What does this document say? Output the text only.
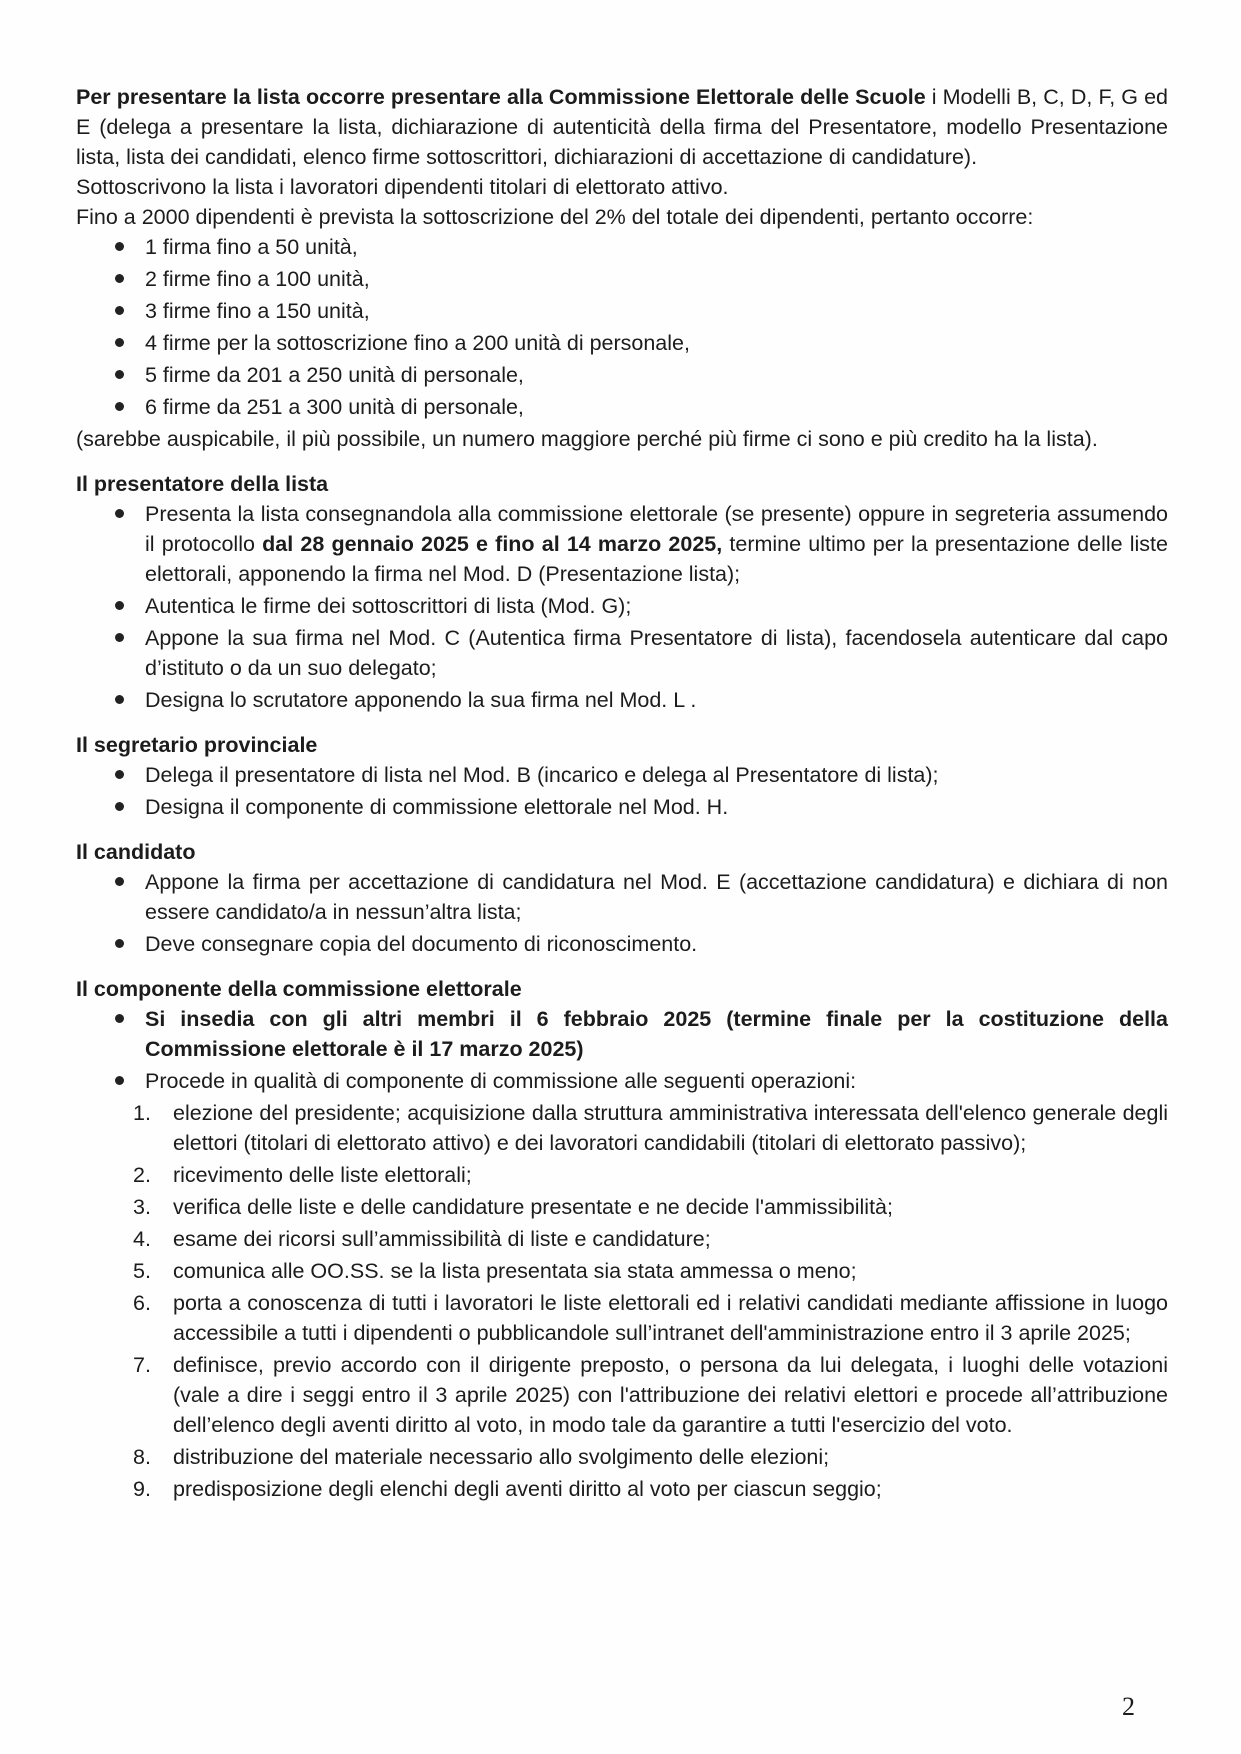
Per presentare la lista occorre presentare alla Commissione Elettorale delle Scuole i Modelli B, C, D, F, G ed E (delega a presentare la lista, dichiarazione di autenticità della firma del Presentatore, modello Presentazione lista, lista dei candidati, elenco firme sottoscrittori, dichiarazioni di accettazione di candidature).

Sottoscrivono la lista i lavoratori dipendenti titolari di elettorato attivo.

Fino a 2000 dipendenti è prevista la sottoscrizione del 2% del totale dei dipendenti, pertanto occorre:

1 firma fino a 50 unità,
2 firme fino a 100 unità,
3 firme fino a 150 unità,
4 firme per la sottoscrizione fino a 200 unità di personale,
5 firme da 201 a 250 unità di personale,
6 firme da 251 a 300 unità di personale,

(sarebbe auspicabile, il più possibile, un numero maggiore perché più firme ci sono e più credito ha la lista).

Il presentatore della lista

Presenta la lista consegnandola alla commissione elettorale (se presente) oppure in segreteria assumendo il protocollo dal 28 gennaio 2025 e fino al 14 marzo 2025, termine ultimo per la presentazione delle liste elettorali, apponendo la firma nel Mod. D (Presentazione lista);
Autentica le firme dei sottoscrittori di lista (Mod. G);
Appone la sua firma nel Mod. C (Autentica firma Presentatore di lista), facendosela autenticare dal capo d’istituto o da un suo delegato;
Designa lo scrutatore apponendo la sua firma nel Mod. L .

Il segretario provinciale

Delega il presentatore di lista nel Mod. B (incarico e delega al Presentatore di lista);
Designa il componente di commissione elettorale nel Mod. H.

Il candidato

Appone la firma per accettazione di candidatura nel Mod. E (accettazione candidatura) e dichiara di non essere candidato/a in nessun’altra lista;
Deve consegnare copia del documento di riconoscimento.

Il componente della commissione elettorale

Si insedia con gli altri membri il 6 febbraio 2025 (termine finale per la costituzione della Commissione elettorale è il 17 marzo 2025)
Procede in qualità di componente di commissione alle seguenti operazioni:
1. elezione del presidente; acquisizione dalla struttura amministrativa interessata dell'elenco generale degli elettori (titolari di elettorato attivo) e dei lavoratori candidabili (titolari di elettorato passivo);
2. ricevimento delle liste elettorali;
3. verifica delle liste e delle candidature presentate e ne decide l'ammissibilità;
4. esame dei ricorsi sull’ammissibilità di liste e candidature;
5. comunica alle OO.SS. se la lista presentata sia stata ammessa o meno;
6. porta a conoscenza di tutti i lavoratori le liste elettorali ed i relativi candidati mediante affissione in luogo accessibile a tutti i dipendenti o pubblicandole sull’intranet dell'amministrazione entro il 3 aprile 2025;
7. definisce, previo accordo con il dirigente preposto, o persona da lui delegata, i luoghi delle votazioni (vale a dire i seggi entro il 3 aprile 2025) con l'attribuzione dei relativi elettori e procede all’attribuzione dell’elenco degli aventi diritto al voto, in modo tale da garantire a tutti l'esercizio del voto.
8. distribuzione del materiale necessario allo svolgimento delle elezioni;
9. predisposizione degli elenchi degli aventi diritto al voto per ciascun seggio;
2
